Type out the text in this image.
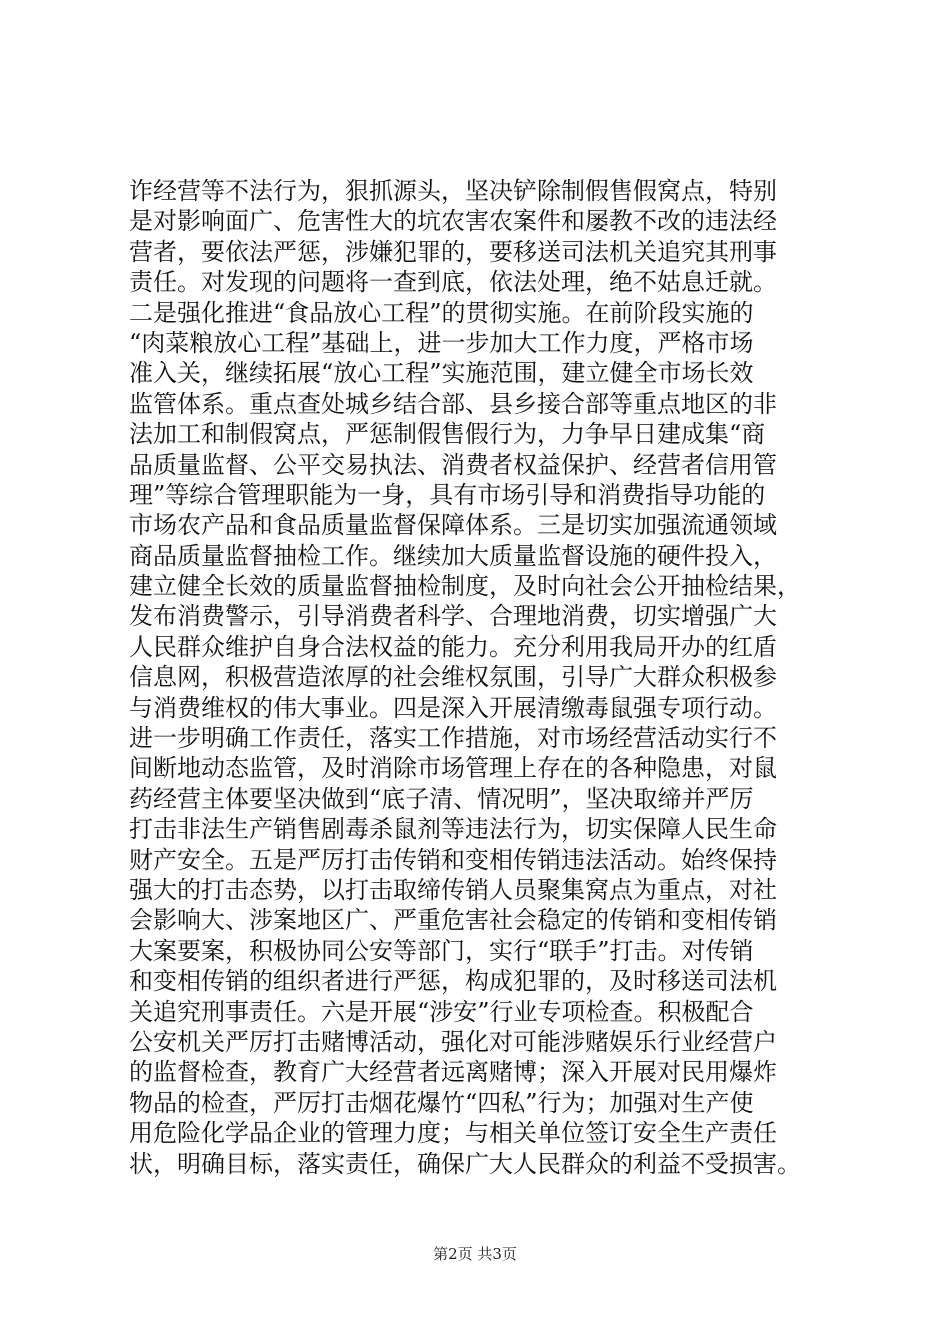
诈经营等不法行为，狠抓源头，坚决铲除制假售假窝点，特别
是对影响面广、危害性大的坑农害农案件和屡教不改的违法经
营者，要依法严惩，涉嫌犯罪的，要移送司法机关追究其刑事
责任。对发现的问题将一查到底，依法处理，绝不姑息迁就。
二是强化推进“食品放心工程”的贯彻实施。在前阶段实施的
“肉菜粮放心工程”基础上，进一步加大工作力度，严格市场
准入关，继续拓展“放心工程”实施范围，建立健全市场长效
监管体系。重点查处城乡结合部、县乡接合部等重点地区的非
法加工和制假窝点，严惩制假售假行为，力争早日建成集“商
品质量监督、公平交易执法、消费者权益保护、经营者信用管
理”等综合管理职能为一身，具有市场引导和消费指导功能的
市场农产品和食品质量监督保障体系。三是切实加强流通领域
商品质量监督抽检工作。继续加大质量监督设施的硬件投入，
建立健全长效的质量监督抽检制度，及时向社会公开抽检结果，
发布消费警示，引导消费者科学、合理地消费，切实增强广大
人民群众维护自身合法权益的能力。充分利用我局开办的红盾
信息网，积极营造浓厚的社会维权氛围，引导广大群众积极参
与消费维权的伟大事业。四是深入开展清缴毒鼠强专项行动。
进一步明确工作责任，落实工作措施，对市场经营活动实行不
间断地动态监管，及时消除市场管理上存在的各种隐患，对鼠
药经营主体要坚决做到“底子清、情况明”，坚决取缔并严厉
打击非法生产销售剧毒杀鼠剂等违法行为，切实保障人民生命
财产安全。五是严厉打击传销和变相传销违法活动。始终保持
强大的打击态势，以打击取缔传销人员聚集窝点为重点，对社
会影响大、涉案地区广、严重危害社会稳定的传销和变相传销
大案要案，积极协同公安等部门，实行“联手”打击。对传销
和变相传销的组织者进行严惩，构成犯罪的，及时移送司法机
关追究刑事责任。六是开展“涉安”行业专项检查。积极配合
公安机关严厉打击赌博活动，强化对可能涉赌娱乐行业经营户
的监督检查，教育广大经营者远离赌博；深入开展对民用爆炸
物品的检查，严厉打击烟花爆竹“四私”行为；加强对生产使
用危险化学品企业的管理力度；与相关单位签订安全生产责任
状，明确目标，落实责任，确保广大人民群众的利益不受损害。
第2页 共3页
